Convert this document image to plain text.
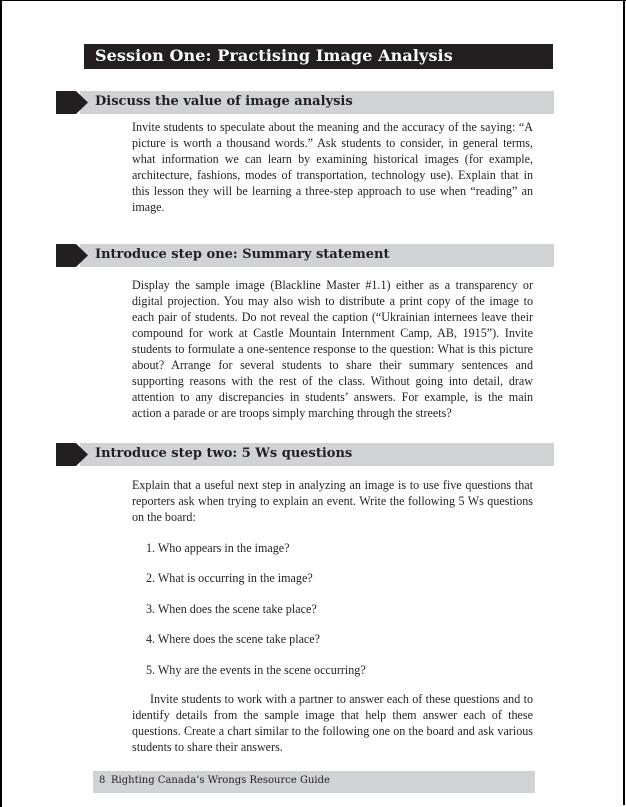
Session One: Practising Image Analysis
Discuss the value of image analysis

Invite students to speculate about the meaning and the accuracy of the saying: “A picture is worth a thousand words.” Ask students to consider, in general terms, what information we can learn by examining historical images (for example, architecture, fashions, modes of transportation, technology use). Explain that in this lesson they will be learning a three-step approach to use when “reading” an image.

Introduce step one: Summary statement

Display the sample image (Blackline Master #1.1) either as a transparency or digital projection. You may also wish to distribute a print copy of the image to each pair of students. Do not reveal the caption (“Ukrainian internees leave their compound for work at Castle Mountain Internment Camp, AB, 1915”). Invite students to formulate a one-sentence response to the question: What is this picture about? Arrange for several students to share their summary sentences and supporting reasons with the rest of the class. Without going into detail, draw attention to any discrepancies in students’ answers. For example, is the main action a parade or are troops simply marching through the streets?

Introduce step two: 5 Ws questions

Explain that a useful next step in analyzing an image is to use five questions that reporters ask when trying to explain an event. Write the following 5 Ws questions on the board:

1. Who appears in the image?
2. What is occurring in the image?
3. When does the scene take place?
4. Where does the scene take place?
5. Why are the events in the scene occurring?

Invite students to work with a partner to answer each of these questions and to identify details from the sample image that help them answer each of these questions. Create a chart similar to the following one on the board and ask various students to share their answers.

8 Righting Canada’s Wrongs Resource Guide
